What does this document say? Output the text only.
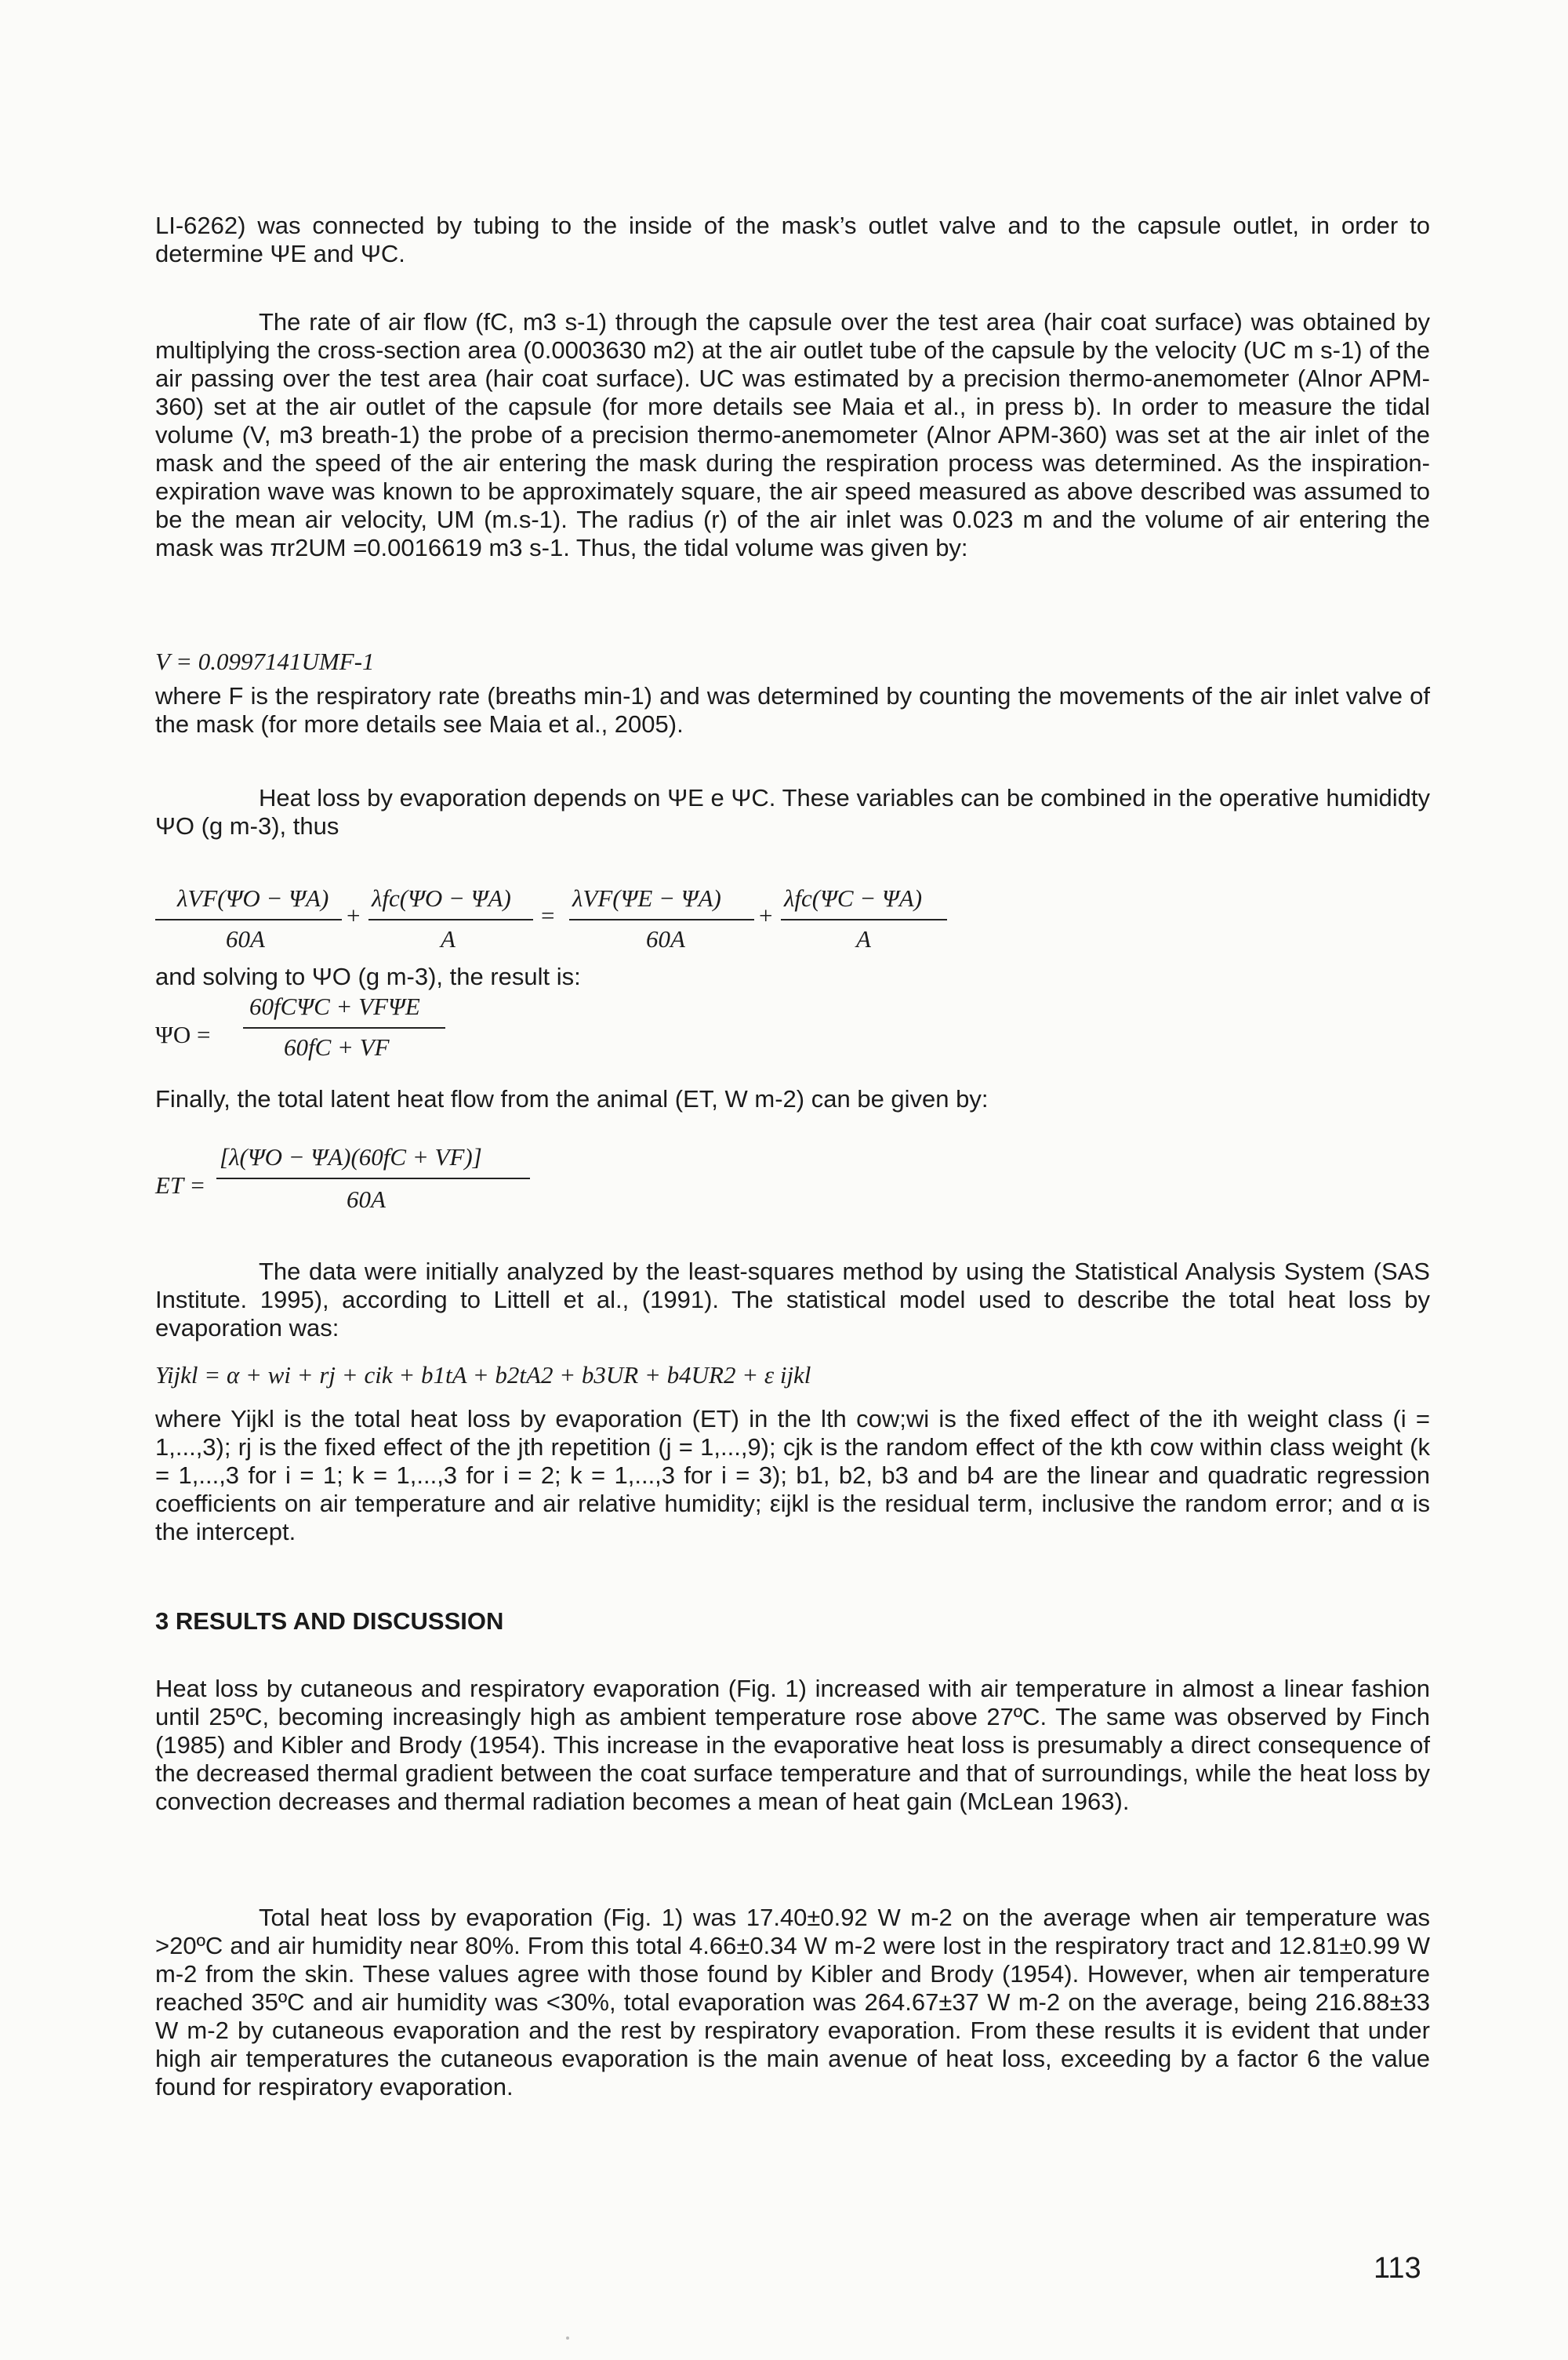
LI-6262) was connected by tubing to the inside of the mask’s outlet valve and to the capsule outlet, in order to determine ΨE and ΨC.

The rate of air flow (fC, m3 s-1) through the capsule over the test area (hair coat surface) was obtained by multiplying the cross-section area (0.0003630 m2) at the air outlet tube of the capsule by the velocity (UC m s-1) of the air passing over the test area (hair coat surface). UC was estimated by a precision thermo-anemometer (Alnor APM-360) set at the air outlet of the capsule (for more details see Maia et al., in press b). In order to measure the tidal volume (V, m3 breath-1) the probe of a precision thermo-anemometer (Alnor APM-360) was set at the air inlet of the mask and the speed of the air entering the mask during the respiration process was determined. As the inspiration-expiration wave was known to be approximately square, the air speed measured as above described was assumed to be the mean air velocity, UM (m.s-1). The radius (r) of the air inlet was 0.023 m and the volume of air entering the mask was πr2UM =0.0016619 m3 s-1. Thus, the tidal volume was given by:

V = 0.0997141UMF-1

where F is the respiratory rate (breaths min-1) and was determined by counting the movements of the air inlet valve of the mask (for more details see Maia et al., 2005).

Heat loss by evaporation depends on ΨE e ΨC. These variables can be combined in the operative humididty ΨO (g m-3), thus

λVF(ΨO − ΨA)
60A
+
λfc(ΨO − ΨA)
A
=
λVF(ΨE − ΨA)
60A
+
λfc(ΨC − ΨA)
A

and solving to ΨO (g m-3), the result is:

ΨO =
60fCΨC + VFΨE
60fC + VF

Finally, the total latent heat flow from the animal (ET, W m-2) can be given by:

ET =
[λ(ΨO − ΨA)(60fC + VF)]
60A

The data were initially analyzed by the least-squares method by using the Statistical Analysis System (SAS Institute. 1995), according to Littell et al., (1991). The statistical model used to describe the total heat loss by evaporation was:

Yijkl = α + wi + rj + cik + b1tA + b2tA2 + b3UR + b4UR2 + ε ijkl

where Yijkl is the total heat loss by evaporation (ET) in the lth cow;wi is the fixed effect of the ith weight class (i = 1,...,3); rj is the fixed effect of the jth repetition (j = 1,...,9); cjk is the random effect of the kth cow within class weight (k = 1,...,3 for i = 1; k = 1,...,3 for i = 2; k = 1,...,3 for i = 3); b1, b2, b3 and b4 are the linear and quadratic regression coefficients on air temperature and air relative humidity; εijkl is the residual term, inclusive the random error; and α is the intercept.

3 RESULTS AND DISCUSSION

Heat loss by cutaneous and respiratory evaporation (Fig. 1) increased with air temperature in almost a linear fashion until 25ºC, becoming increasingly high as ambient temperature rose above 27ºC. The same was observed by Finch (1985) and Kibler and Brody (1954). This increase in the evaporative heat loss is presumably a direct consequence of the decreased thermal gradient between the coat surface temperature and that of surroundings, while the heat loss by convection decreases and thermal radiation becomes a mean of heat gain (McLean 1963).

Total heat loss by evaporation (Fig. 1) was 17.40±0.92 W m-2 on the average when air temperature was >20ºC and air humidity near 80%. From this total 4.66±0.34 W m-2 were lost in the respiratory tract and 12.81±0.99 W m-2 from the skin. These values agree with those found by Kibler and Brody (1954). However, when air temperature reached 35ºC and air humidity was <30%, total evaporation was 264.67±37 W m-2 on the average, being 216.88±33 W m-2 by cutaneous evaporation and the rest by respiratory evaporation. From these results it is evident that under high air temperatures the cutaneous evaporation is the main avenue of heat loss, exceeding by a factor 6 the value found for respiratory evaporation.

113
